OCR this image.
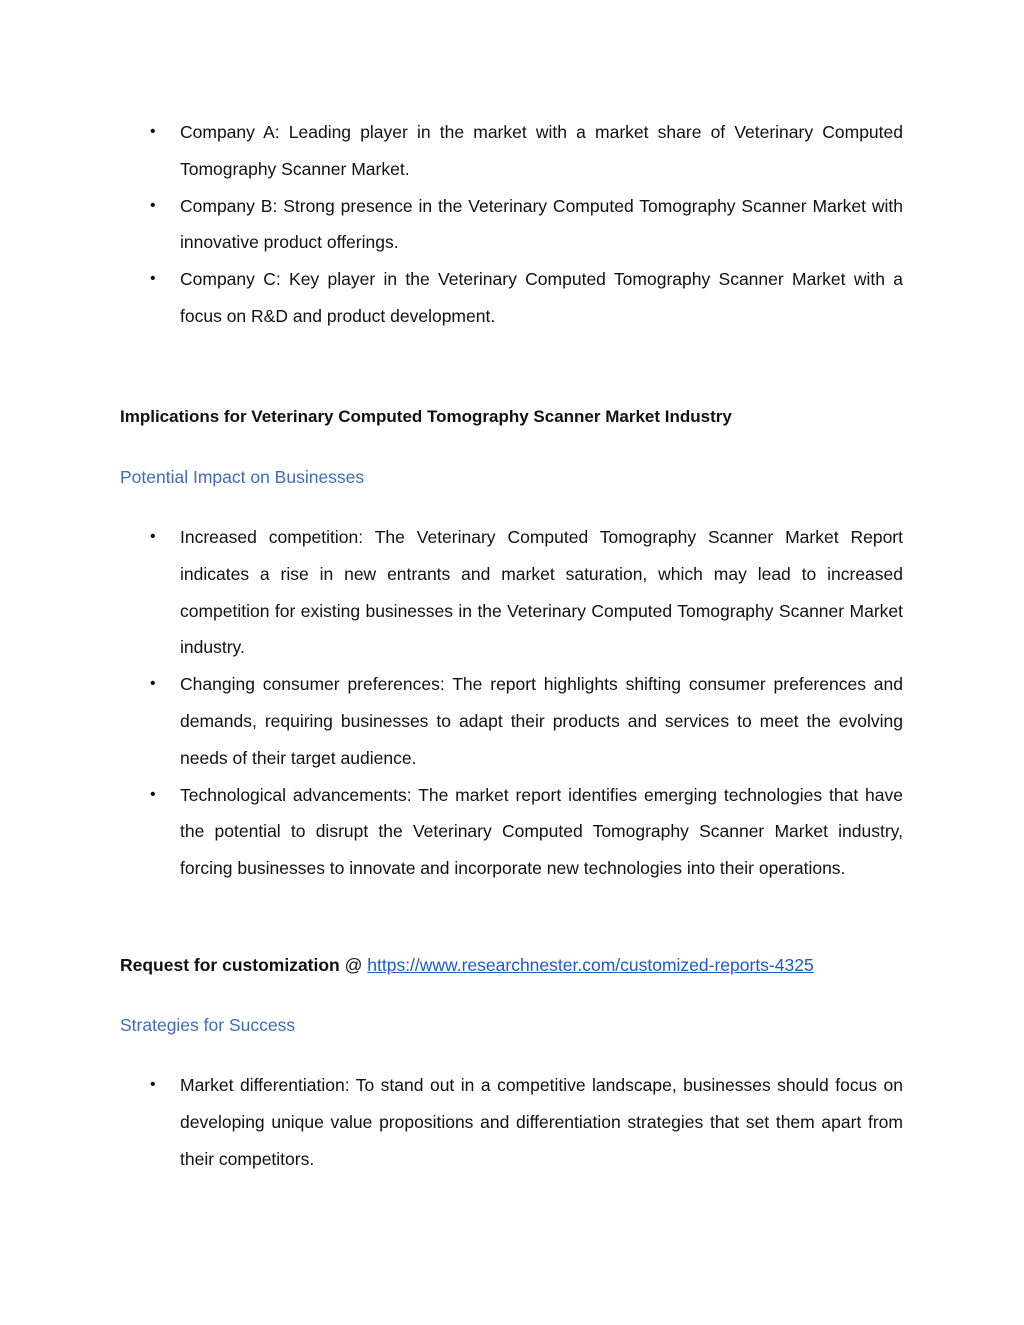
• Company A: Leading player in the market with a market share of Veterinary Computed Tomography Scanner Market.
• Company B: Strong presence in the Veterinary Computed Tomography Scanner Market with innovative product offerings.
• Company C: Key player in the Veterinary Computed Tomography Scanner Market with a focus on R&D and product development.
Implications for Veterinary Computed Tomography Scanner Market Industry
Potential Impact on Businesses
• Increased competition: The Veterinary Computed Tomography Scanner Market Report indicates a rise in new entrants and market saturation, which may lead to increased competition for existing businesses in the Veterinary Computed Tomography Scanner Market industry.
• Changing consumer preferences: The report highlights shifting consumer preferences and demands, requiring businesses to adapt their products and services to meet the evolving needs of their target audience.
• Technological advancements: The market report identifies emerging technologies that have the potential to disrupt the Veterinary Computed Tomography Scanner Market industry, forcing businesses to innovate and incorporate new technologies into their operations.
Request for customization @ https://www.researchnester.com/customized-reports-4325
Strategies for Success
• Market differentiation: To stand out in a competitive landscape, businesses should focus on developing unique value propositions and differentiation strategies that set them apart from their competitors.
